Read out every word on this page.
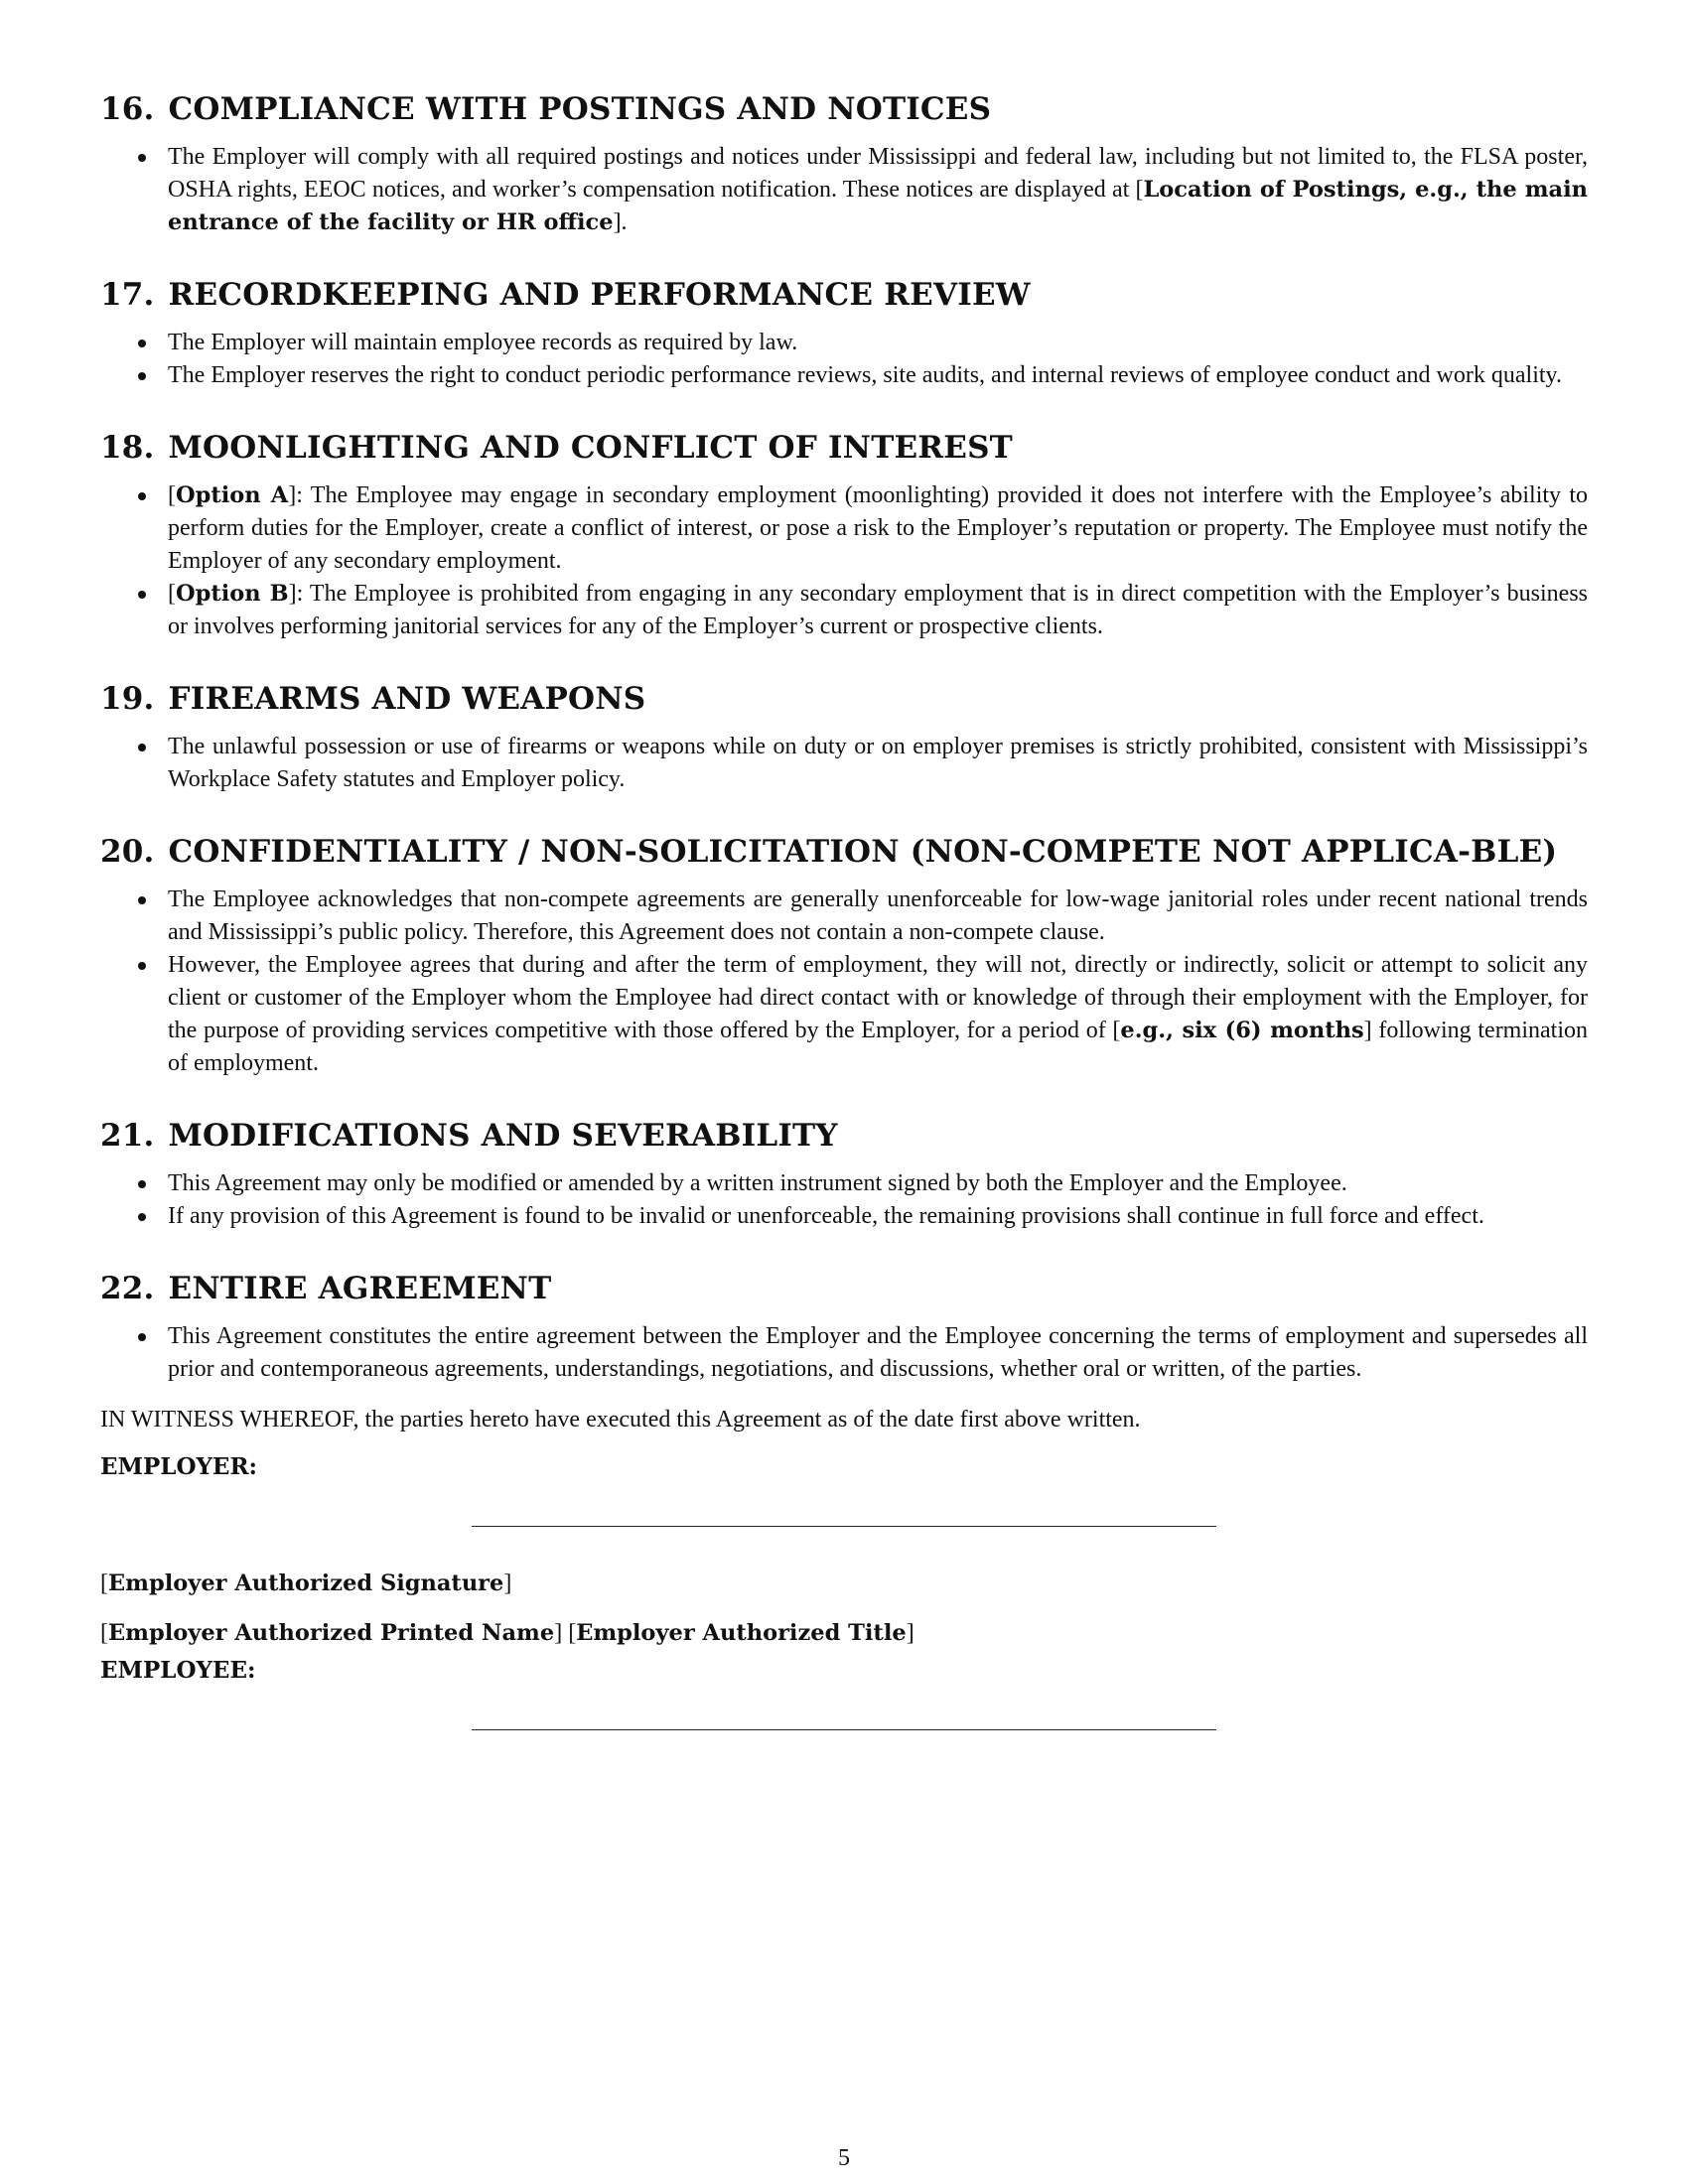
16. COMPLIANCE WITH POSTINGS AND NOTICES
The Employer will comply with all required postings and notices under Mississippi and federal law, including but not limited to, the FLSA poster, OSHA rights, EEOC notices, and worker’s compensation notification. These notices are displayed at [Location of Postings, e.g., the main entrance of the facility or HR office].
17. RECORDKEEPING AND PERFORMANCE REVIEW
The Employer will maintain employee records as required by law.
The Employer reserves the right to conduct periodic performance reviews, site audits, and internal reviews of employee conduct and work quality.
18. MOONLIGHTING AND CONFLICT OF INTEREST
[Option A]: The Employee may engage in secondary employment (moonlighting) provided it does not interfere with the Employee’s ability to perform duties for the Employer, create a conflict of interest, or pose a risk to the Employer’s reputation or property. The Employee must notify the Employer of any secondary employment.
[Option B]: The Employee is prohibited from engaging in any secondary employment that is in direct competition with the Employer’s business or involves performing janitorial services for any of the Employer’s current or prospective clients.
19. FIREARMS AND WEAPONS
The unlawful possession or use of firearms or weapons while on duty or on employer premises is strictly prohibited, consistent with Mississippi’s Workplace Safety statutes and Employer policy.
20. CONFIDENTIALITY / NON-SOLICITATION (NON-COMPETE NOT APPLICA-BLE)
The Employee acknowledges that non-compete agreements are generally unenforceable for low-wage janitorial roles under recent national trends and Mississippi’s public policy. Therefore, this Agreement does not contain a non-compete clause.
However, the Employee agrees that during and after the term of employment, they will not, directly or indirectly, solicit or attempt to solicit any client or customer of the Employer whom the Employee had direct contact with or knowledge of through their employment with the Employer, for the purpose of providing services competitive with those offered by the Employer, for a period of [e.g., six (6) months] following termination of employment.
21. MODIFICATIONS AND SEVERABILITY
This Agreement may only be modified or amended by a written instrument signed by both the Employer and the Employee.
If any provision of this Agreement is found to be invalid or unenforceable, the remaining provisions shall continue in full force and effect.
22. ENTIRE AGREEMENT
This Agreement constitutes the entire agreement between the Employer and the Employee concerning the terms of employment and supersedes all prior and contemporaneous agreements, understandings, negotiations, and discussions, whether oral or written, of the parties.

IN WITNESS WHEREOF, the parties hereto have executed this Agreement as of the date first above written.

EMPLOYER:

[Employer Authorized Signature]

[Employer Authorized Printed Name] [Employer Authorized Title]

EMPLOYEE:

5
